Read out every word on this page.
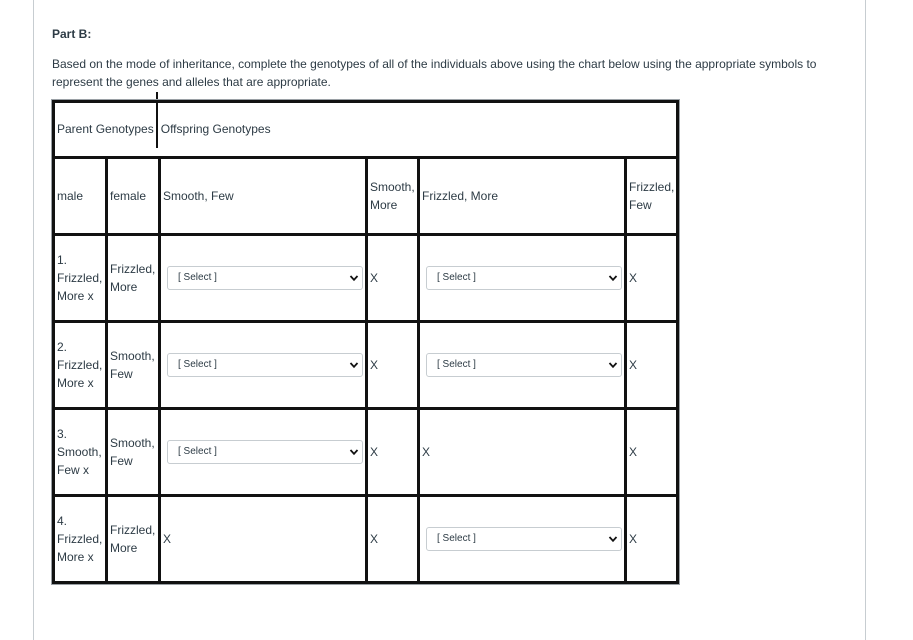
Part B:
Based on the mode of inheritance, complete the genotypes of all of the individuals above using the chart below using the appropriate symbols to represent the genes and alleles that are appropriate.
Parent Genotypes Offspring Genotypes					
male	female	Smooth, Few	Smooth, More	Frizzled, More	Frizzled, Few
1. Frizzled, More x	Frizzled, More	[ Select ]	X	[ Select ]	X
2. Frizzled, More x	Smooth, Few	[ Select ]	X	[ Select ]	X
3. Smooth, Few x	Smooth, Few	[ Select ]	X	X	X
4. Frizzled, More x	Frizzled, More	X	X	[ Select ]	X
